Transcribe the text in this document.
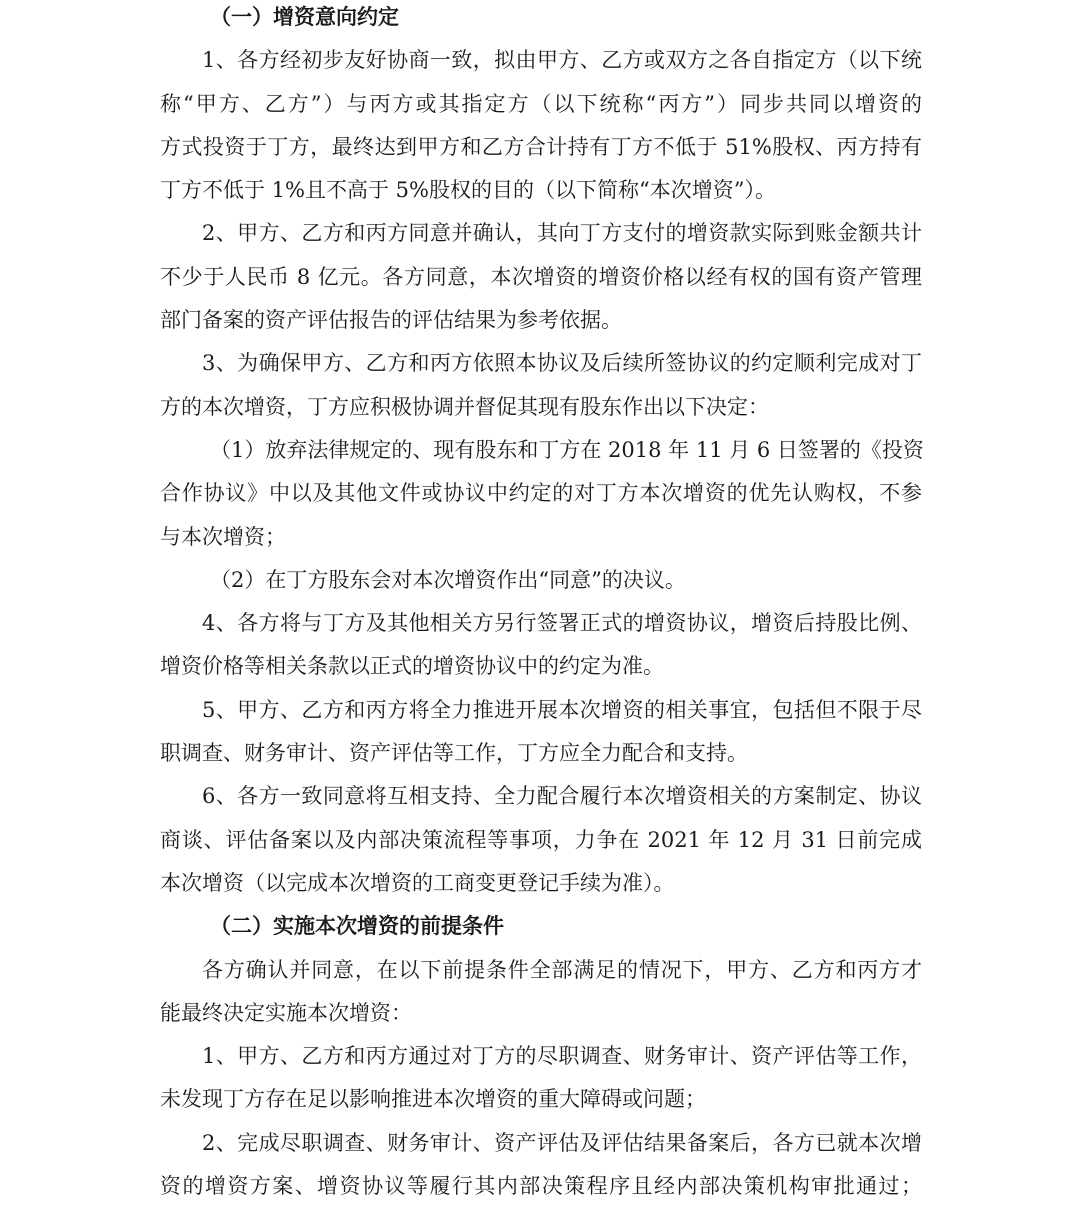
（一）增资意向约定
1、各方经初步友好协商一致，拟由甲方、乙方或双方之各自指定方（以下统
称“甲方、乙方”）与丙方或其指定方（以下统称“丙方”）同步共同以增资的
方式投资于丁方，最终达到甲方和乙方合计持有丁方不低于 51%股权、丙方持有
丁方不低于 1%且不高于 5%股权的目的（以下简称“本次增资”）。
2、甲方、乙方和丙方同意并确认，其向丁方支付的增资款实际到账金额共计
不少于人民币 8 亿元。各方同意，本次增资的增资价格以经有权的国有资产管理
部门备案的资产评估报告的评估结果为参考依据。
3、为确保甲方、乙方和丙方依照本协议及后续所签协议的约定顺利完成对丁
方的本次增资，丁方应积极协调并督促其现有股东作出以下决定：
（1）放弃法律规定的、现有股东和丁方在 2018 年 11 月 6 日签署的《投资
合作协议》中以及其他文件或协议中约定的对丁方本次增资的优先认购权，不参
与本次增资；
（2）在丁方股东会对本次增资作出“同意”的决议。
4、各方将与丁方及其他相关方另行签署正式的增资协议，增资后持股比例、
增资价格等相关条款以正式的增资协议中的约定为准。
5、甲方、乙方和丙方将全力推进开展本次增资的相关事宜，包括但不限于尽
职调查、财务审计、资产评估等工作，丁方应全力配合和支持。
6、各方一致同意将互相支持、全力配合履行本次增资相关的方案制定、协议
商谈、评估备案以及内部决策流程等事项，力争在 2021 年 12 月 31 日前完成
本次增资（以完成本次增资的工商变更登记手续为准）。
（二）实施本次增资的前提条件
各方确认并同意，在以下前提条件全部满足的情况下，甲方、乙方和丙方才
能最终决定实施本次增资：
1、甲方、乙方和丙方通过对丁方的尽职调查、财务审计、资产评估等工作，
未发现丁方存在足以影响推进本次增资的重大障碍或问题；
2、完成尽职调查、财务审计、资产评估及评估结果备案后，各方已就本次增
资的增资方案、增资协议等履行其内部决策程序且经内部决策机构审批通过；
